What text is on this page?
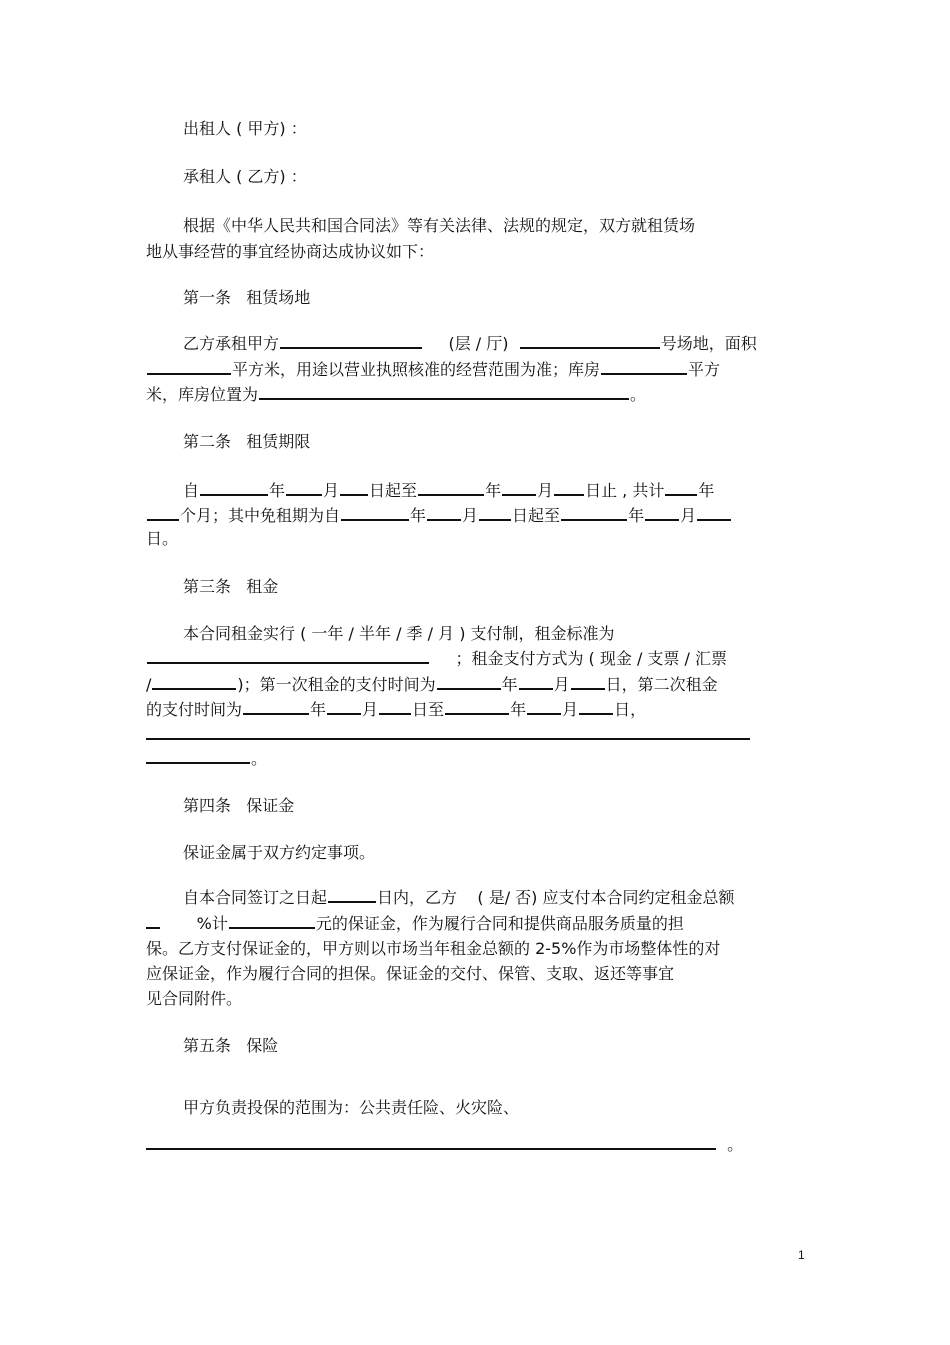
出租人 ( 甲方) ：
承租人 ( 乙方) ：
根据《中华人民共和国合同法》等有关法律、法规的规定，双方就租赁场
地从事经营的事宜经协商达成协议如下：
第一条   租赁场地
乙方承租甲方	(层 / 厅)	号场地，面积
平方米，用途以营业执照核准的经营范围为准；库房	平方
米，库房位置为	。
第二条   租赁期限
自	年 月 日起至	年 月 日止 , 共计 年
个月；其中免租期为自	年 月 日起至	年 月
日。
第三条   租金
本合同租金实行 ( 一年 / 半年 / 季 / 月 ) 支付制，租金标准为
；租金支付方式为 ( 现金 / 支票 / 汇票
/	)；第一次租金的支付时间为	年 月 日，第二次租金
的支付时间为	年 月 日至	年 月 日，
。
第四条   保证金
保证金属于双方约定事项。
自本合同签订之日起	日内，乙方    ( 是/ 否) 应支付本合同约定租金总额
%计	元的保证金，作为履行合同和提供商品服务质量的担
保。乙方支付保证金的，甲方则以市场当年租金总额的 2-5%作为市场整体性的对
应保证金，作为履行合同的担保。保证金的交付、保管、支取、返还等事宜
见合同附件。
第五条   保险
甲方负责投保的范围为：公共责任险、火灾险、
。
1
